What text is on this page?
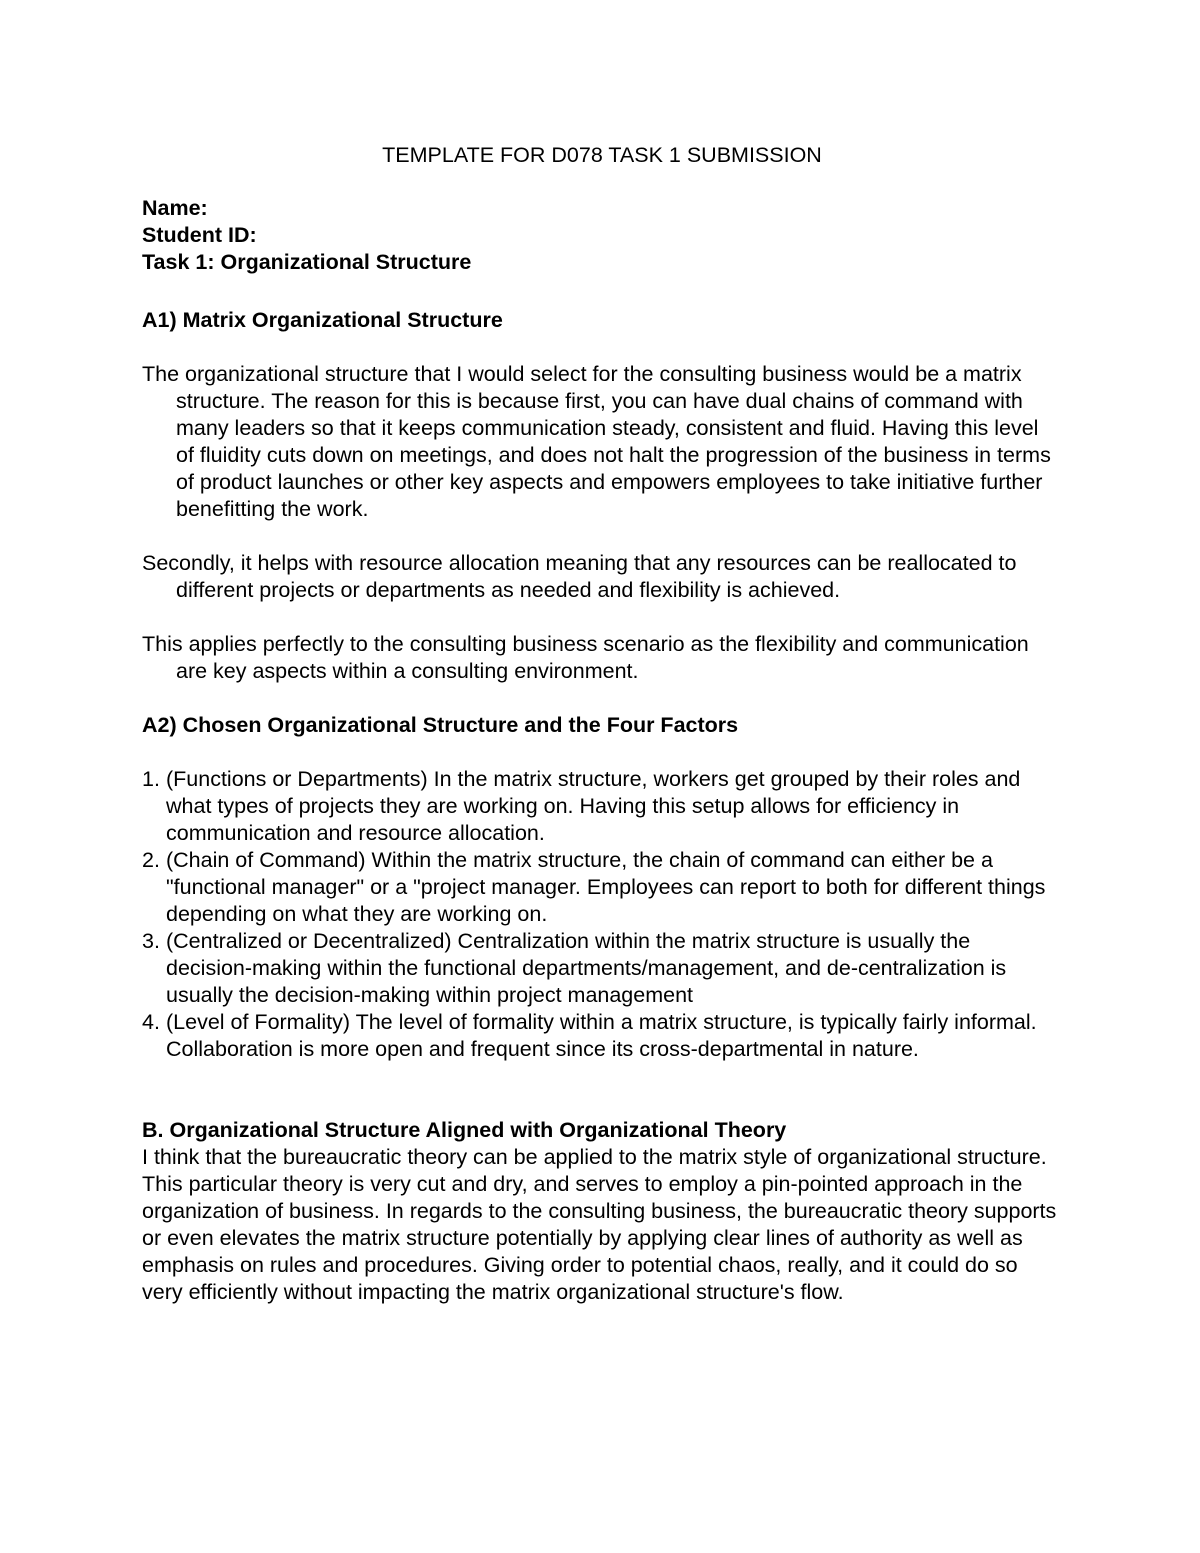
TEMPLATE FOR D078 TASK 1 SUBMISSION
Name:
Student ID:
Task 1: Organizational Structure
A1) Matrix Organizational Structure

The organizational structure that I would select for the consulting business would be a matrix structure. The reason for this is because first, you can have dual chains of command with many leaders so that it keeps communication steady, consistent and fluid. Having this level of fluidity cuts down on meetings, and does not halt the progression of the business in terms of product launches or other key aspects and empowers employees to take initiative further benefitting the work.

Secondly, it helps with resource allocation meaning that any resources can be reallocated to different projects or departments as needed and flexibility is achieved.

This applies perfectly to the consulting business scenario as the flexibility and communication are key aspects within a consulting environment.

A2) Chosen Organizational Structure and the Four Factors
1. (Functions or Departments) In the matrix structure, workers get grouped by their roles and what types of projects they are working on. Having this setup allows for efficiency in communication and resource allocation.
2. (Chain of Command) Within the matrix structure, the chain of command can either be a "functional manager" or a "project manager. Employees can report to both for different things depending on what they are working on.
3. (Centralized or Decentralized) Centralization within the matrix structure is usually the decision-making within the functional departments/management, and de-centralization is usually the decision-making within project management
4. (Level of Formality) The level of formality within a matrix structure, is typically fairly informal. Collaboration is more open and frequent since its cross-departmental in nature.
B. Organizational Structure Aligned with Organizational Theory

I think that the bureaucratic theory can be applied to the matrix style of organizational structure. This particular theory is very cut and dry, and serves to employ a pin-pointed approach in the organization of business. In regards to the consulting business, the bureaucratic theory supports or even elevates the matrix structure potentially by applying clear lines of authority as well as emphasis on rules and procedures. Giving order to potential chaos, really, and it could do so very efficiently without impacting the matrix organizational structure's flow.
